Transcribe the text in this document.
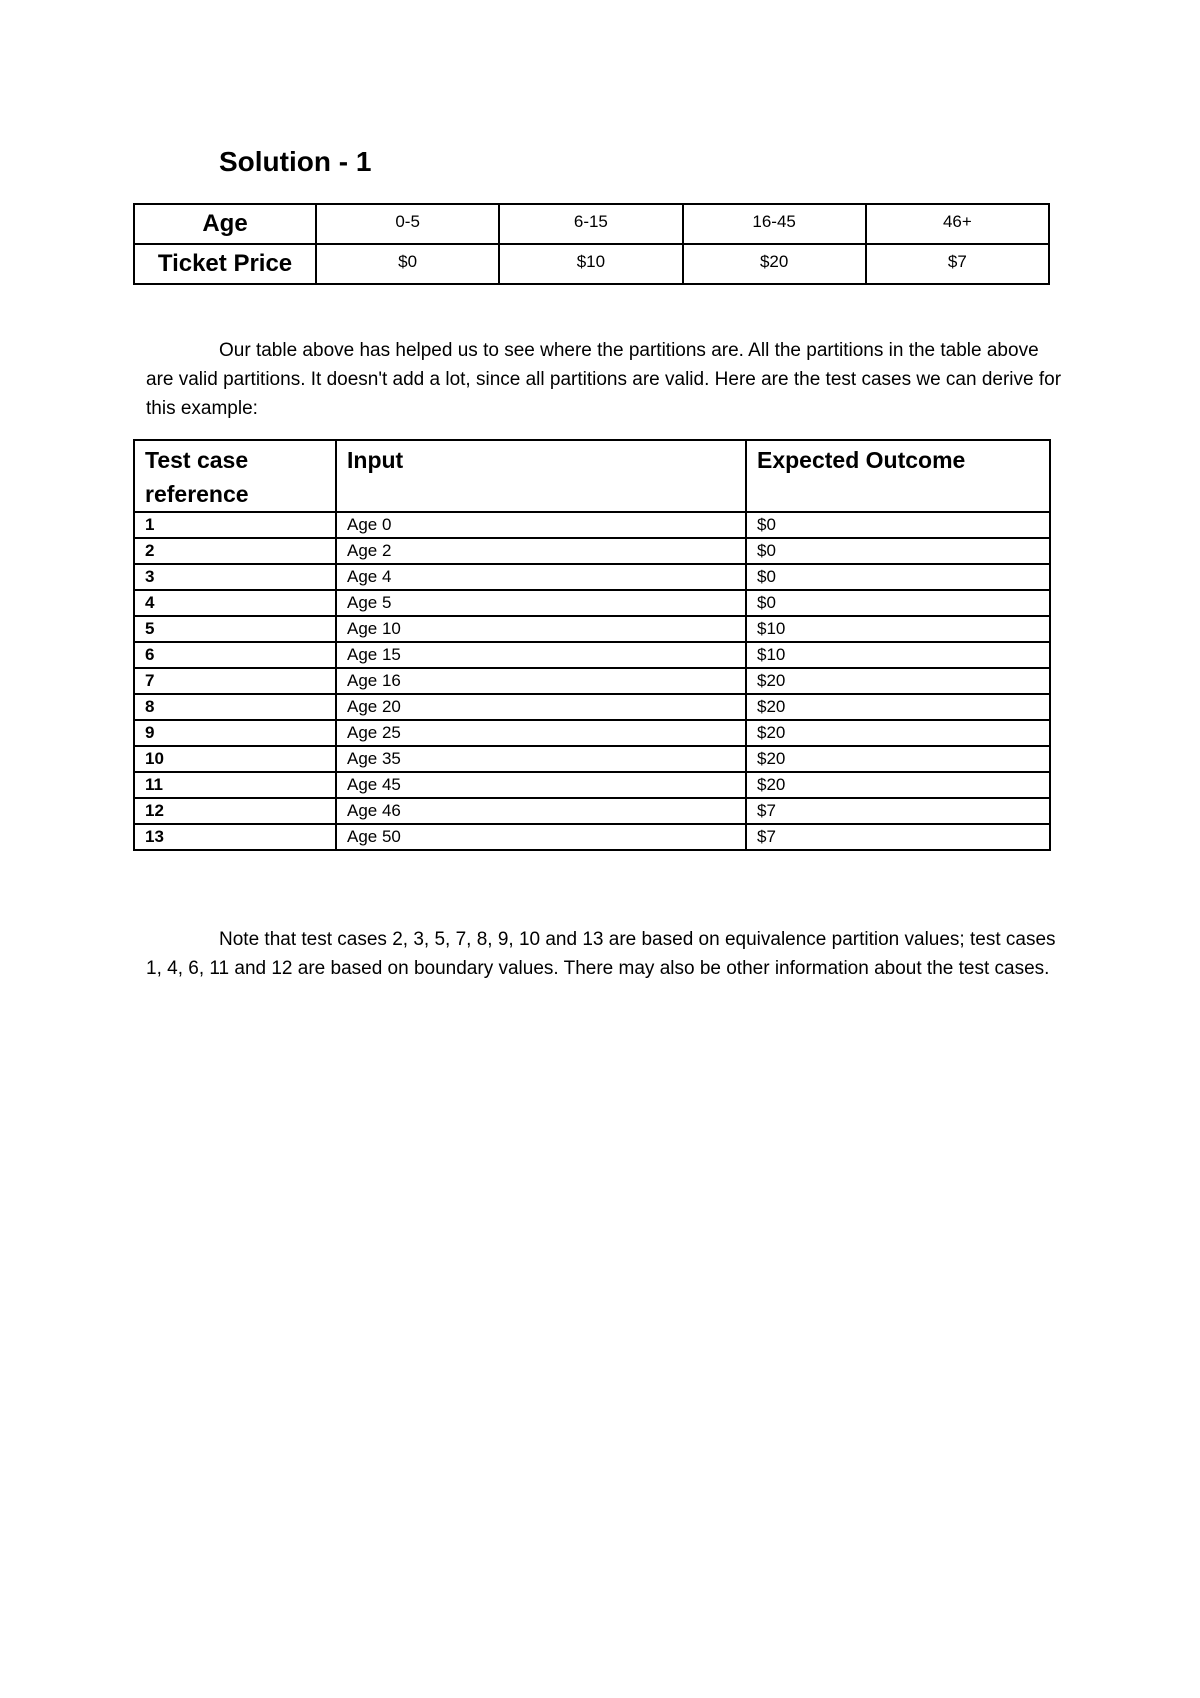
Solution - 1
Age	0-5	6-15	16-45	46+
Ticket Price	$0	$10	$20	$7

Our table above has helped us to see where the partitions are. All the partitions in the table above are valid partitions. It doesn't add a lot, since all partitions are valid. Here are the test cases we can derive for this example:

Test case reference	Input	Expected Outcome
1	Age 0	$0
2	Age 2	$0
3	Age 4	$0
4	Age 5	$0
5	Age 10	$10
6	Age 15	$10
7	Age 16	$20
8	Age 20	$20
9	Age 25	$20
10	Age 35	$20
11	Age 45	$20
12	Age 46	$7
13	Age 50	$7

Note that test cases 2, 3, 5, 7, 8, 9, 10 and 13 are based on equivalence partition values; test cases 1, 4, 6, 11 and 12 are based on boundary values. There may also be other information about the test cases.
